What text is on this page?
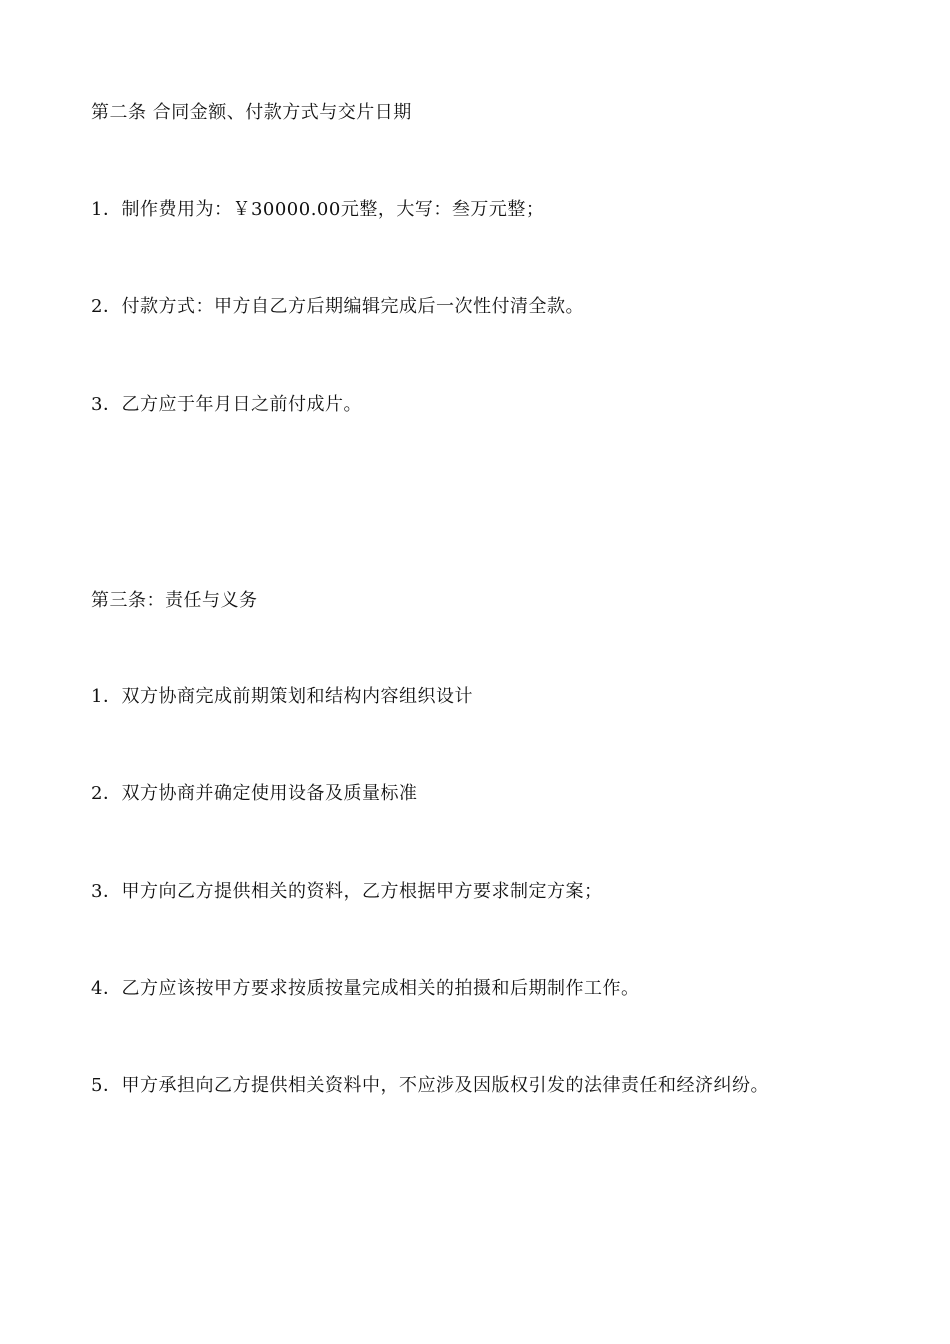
第二条 合同金额、付款方式与交片日期
1．制作费用为：￥30000.00元整，大写：叁万元整；
2．付款方式：甲方自乙方后期编辑完成后一次性付清全款。
3．乙方应于年月日之前付成片。
第三条：责任与义务
1．双方协商完成前期策划和结构内容组织设计
2．双方协商并确定使用设备及质量标准
3．甲方向乙方提供相关的资料，乙方根据甲方要求制定方案；
4．乙方应该按甲方要求按质按量完成相关的拍摄和后期制作工作。
5．甲方承担向乙方提供相关资料中，不应涉及因版权引发的法律责任和经济纠纷。
